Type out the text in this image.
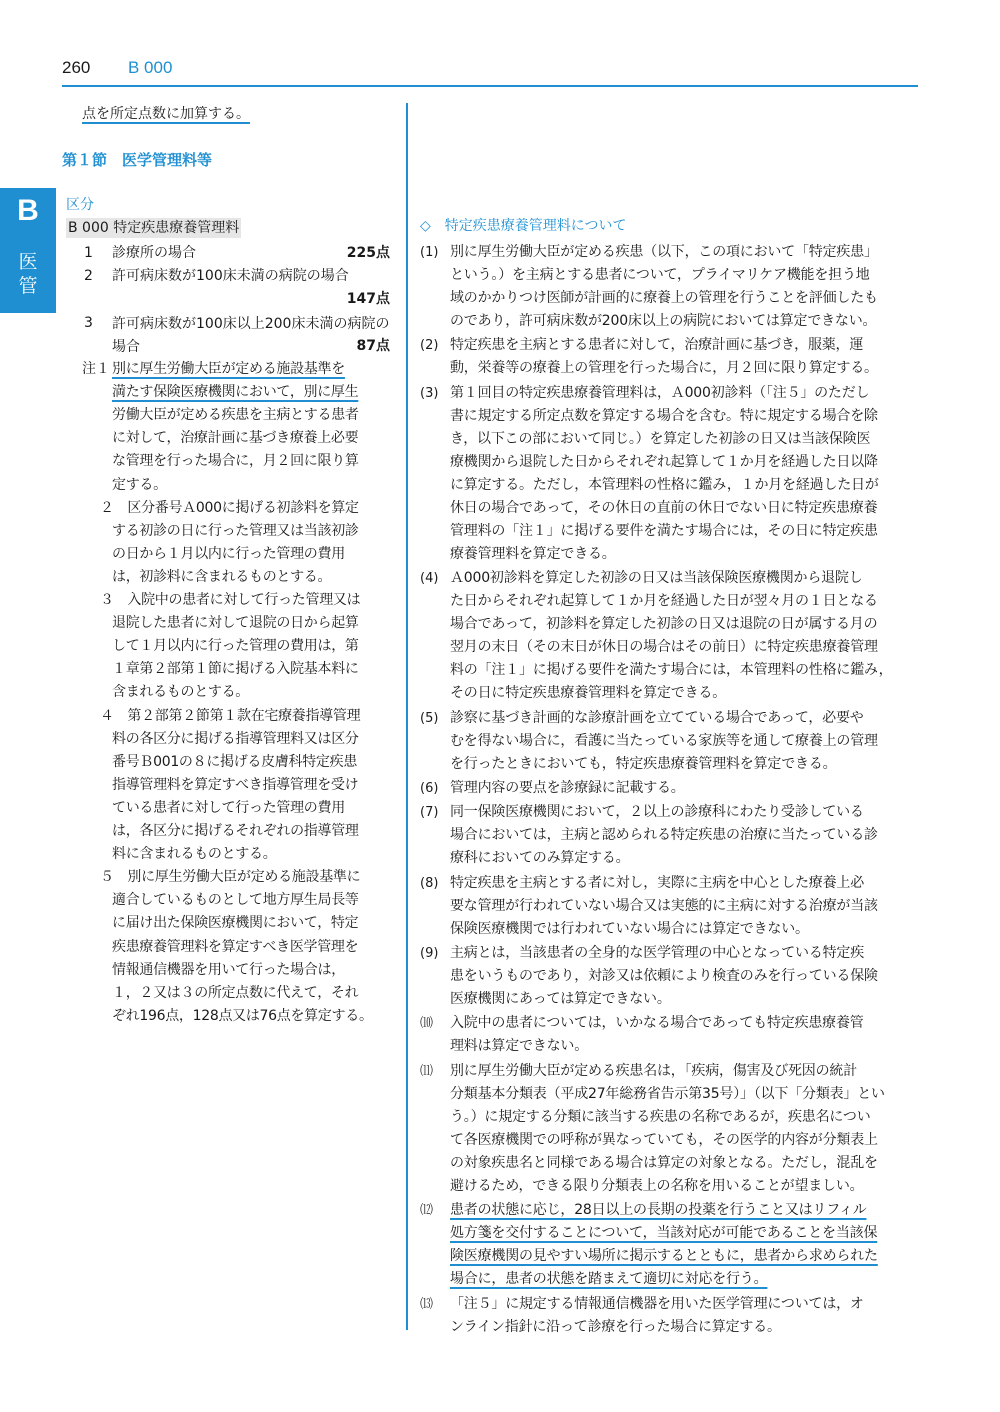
260 B 000
B
医
管
点を所定点数に加算する。
第１節　医学管理料等
区分
B 000 特定疾患療養管理料
1 診療所の場合	225点
2 許可病床数が100床未満の病院の場合
147点
3 許可病床数が100床以上200床未満の病院の場合	87点
注１ 別に厚生労働大臣が定める施設基準を
満たす保険医療機関において，別に厚生
労働大臣が定める疾患を主病とする患者
に対して，治療計画に基づき療養上必要
な管理を行った場合に，月２回に限り算
定する。
２　区分番号Ａ000に掲げる初診料を算定
する初診の日に行った管理又は当該初診
の日から１月以内に行った管理の費用
は，初診料に含まれるものとする。
３　入院中の患者に対して行った管理又は
退院した患者に対して退院の日から起算
して１月以内に行った管理の費用は，第
１章第２部第１節に掲げる入院基本料に
含まれるものとする。
４　第２部第２節第１款在宅療養指導管理
料の各区分に掲げる指導管理料又は区分
番号Ｂ001の８に掲げる皮膚科特定疾患
指導管理料を算定すべき指導管理を受け
ている患者に対して行った管理の費用
は，各区分に掲げるそれぞれの指導管理
料に含まれるものとする。
５　別に厚生労働大臣が定める施設基準に
適合しているものとして地方厚生局長等
に届け出た保険医療機関において，特定
疾患療養管理料を算定すべき医学管理を
情報通信機器を用いて行った場合は，
１，２又は３の所定点数に代えて，それ
ぞれ196点，128点又は76点を算定する。
◇　特定疾患療養管理料について
(1) 別に厚生労働大臣が定める疾患（以下，この項において「特定疾患」
という。）を主病とする患者について，プライマリケア機能を担う地
域のかかりつけ医師が計画的に療養上の管理を行うことを評価したも
のであり，許可病床数が200床以上の病院においては算定できない。
(2) 特定疾患を主病とする患者に対して，治療計画に基づき，服薬，運
動，栄養等の療養上の管理を行った場合に，月２回に限り算定する。
(3) 第１回目の特定疾患療養管理料は，Ａ000初診料（「注５」のただし
書に規定する所定点数を算定する場合を含む。特に規定する場合を除
き，以下この部において同じ。）を算定した初診の日又は当該保険医
療機関から退院した日からそれぞれ起算して１か月を経過した日以降
に算定する。ただし，本管理料の性格に鑑み，１か月を経過した日が
休日の場合であって，その休日の直前の休日でない日に特定疾患療養
管理料の「注１」に掲げる要件を満たす場合には，その日に特定疾患
療養管理料を算定できる。
(4) Ａ000初診料を算定した初診の日又は当該保険医療機関から退院し
た日からそれぞれ起算して１か月を経過した日が翌々月の１日となる
場合であって，初診料を算定した初診の日又は退院の日が属する月の
翌月の末日（その末日が休日の場合はその前日）に特定疾患療養管理
料の「注１」に掲げる要件を満たす場合には，本管理料の性格に鑑み，
その日に特定疾患療養管理料を算定できる。
(5) 診察に基づき計画的な診療計画を立てている場合であって，必要や
むを得ない場合に，看護に当たっている家族等を通して療養上の管理
を行ったときにおいても，特定疾患療養管理料を算定できる。
(6) 管理内容の要点を診療録に記載する。
(7) 同一保険医療機関において，２以上の診療科にわたり受診している
場合においては，主病と認められる特定疾患の治療に当たっている診
療科においてのみ算定する。
(8) 特定疾患を主病とする者に対し，実際に主病を中心とした療養上必
要な管理が行われていない場合又は実態的に主病に対する治療が当該
保険医療機関では行われていない場合には算定できない。
(9) 主病とは，当該患者の全身的な医学管理の中心となっている特定疾
患をいうものであり，対診又は依頼により検査のみを行っている保険
医療機関にあっては算定できない。
⑽	入院中の患者については，いかなる場合であっても特定疾患療養管
理料は算定できない。
⑾	別に厚生労働大臣が定める疾患名は，「疾病，傷害及び死因の統計
分類基本分類表（平成27年総務省告示第35号）」（以下「分類表」とい
う。）に規定する分類に該当する疾患の名称であるが，疾患名につい
て各医療機関での呼称が異なっていても，その医学的内容が分類表上
の対象疾患名と同様である場合は算定の対象となる。ただし，混乱を
避けるため，できる限り分類表上の名称を用いることが望ましい。
⑿	患者の状態に応じ，28日以上の長期の投薬を行うこと又はリフィル
処方箋を交付することについて，当該対応が可能であることを当該保
険医療機関の見やすい場所に掲示するとともに，患者から求められた
場合に，患者の状態を踏まえて適切に対応を行う。
⒀	「注５」に規定する情報通信機器を用いた医学管理については，オ
ンライン指針に沿って診療を行った場合に算定する。
